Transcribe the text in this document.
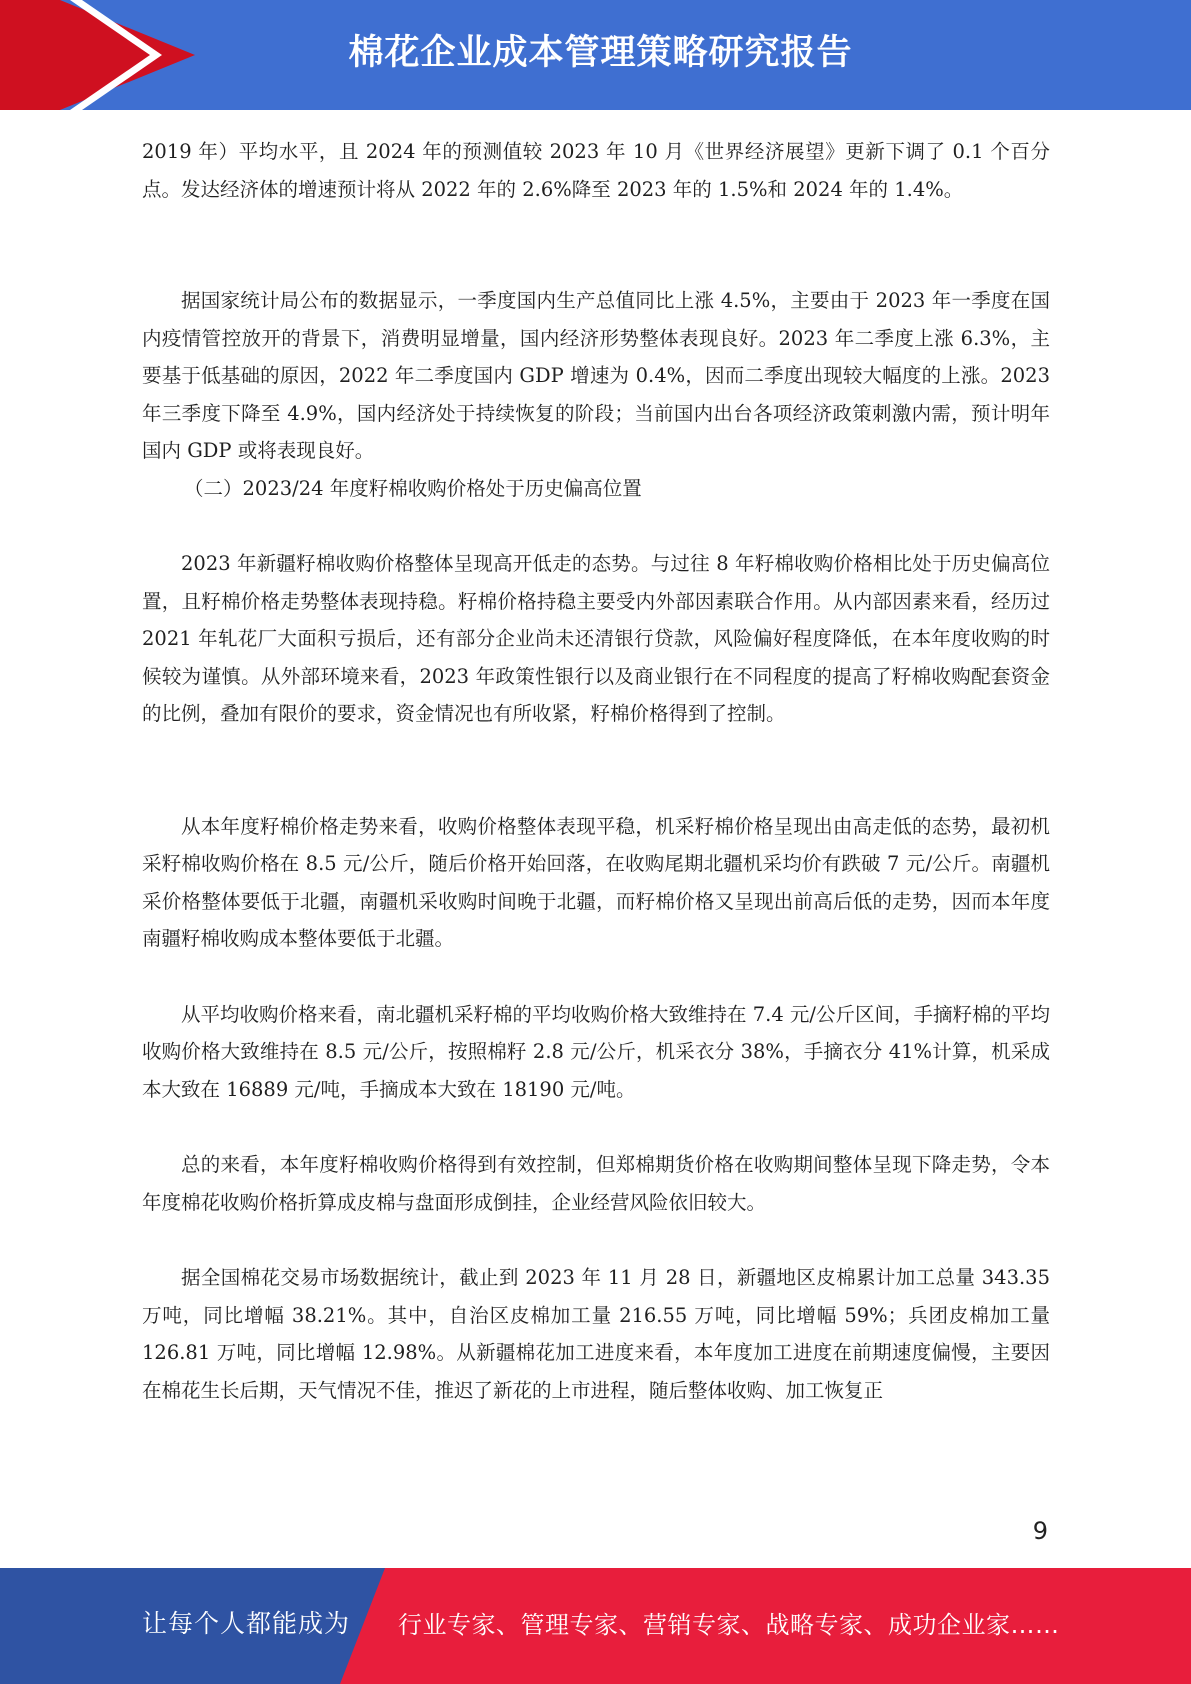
棉花企业成本管理策略研究报告

2019 年）平均水平，且 2024 年的预测值较 2023 年 10 月《世界经济展望》更新下调了 0.1 个百分点。发达经济体的增速预计将从 2022 年的 2.6%降至 2023 年的 1.5%和 2024 年的 1.4%。

据国家统计局公布的数据显示，一季度国内生产总值同比上涨 4.5%，主要由于 2023 年一季度在国内疫情管控放开的背景下，消费明显增量，国内经济形势整体表现良好。2023 年二季度上涨 6.3%，主要基于低基础的原因，2022 年二季度国内 GDP 增速为 0.4%，因而二季度出现较大幅度的上涨。2023 年三季度下降至 4.9%，国内经济处于持续恢复的阶段；当前国内出台各项经济政策刺激内需，预计明年国内 GDP 或将表现良好。

（二）2023/24 年度籽棉收购价格处于历史偏高位置

2023 年新疆籽棉收购价格整体呈现高开低走的态势。与过往 8 年籽棉收购价格相比处于历史偏高位置，且籽棉价格走势整体表现持稳。籽棉价格持稳主要受内外部因素联合作用。从内部因素来看，经历过 2021 年轧花厂大面积亏损后，还有部分企业尚未还清银行贷款，风险偏好程度降低，在本年度收购的时候较为谨慎。从外部环境来看，2023 年政策性银行以及商业银行在不同程度的提高了籽棉收购配套资金的比例，叠加有限价的要求，资金情况也有所收紧，籽棉价格得到了控制。

从本年度籽棉价格走势来看，收购价格整体表现平稳，机采籽棉价格呈现出由高走低的态势，最初机采籽棉收购价格在 8.5 元/公斤，随后价格开始回落，在收购尾期北疆机采均价有跌破 7 元/公斤。南疆机采价格整体要低于北疆，南疆机采收购时间晚于北疆，而籽棉价格又呈现出前高后低的走势，因而本年度南疆籽棉收购成本整体要低于北疆。

从平均收购价格来看，南北疆机采籽棉的平均收购价格大致维持在 7.4 元/公斤区间，手摘籽棉的平均收购价格大致维持在 8.5 元/公斤，按照棉籽 2.8 元/公斤，机采衣分 38%，手摘衣分 41%计算，机采成本大致在 16889 元/吨，手摘成本大致在 18190 元/吨。

总的来看，本年度籽棉收购价格得到有效控制，但郑棉期货价格在收购期间整体呈现下降走势，令本年度棉花收购价格折算成皮棉与盘面形成倒挂，企业经营风险依旧较大。

据全国棉花交易市场数据统计，截止到 2023 年 11 月 28 日，新疆地区皮棉累计加工总量 343.35 万吨，同比增幅 38.21%。其中，自治区皮棉加工量 216.55 万吨，同比增幅 59%；兵团皮棉加工量 126.81 万吨，同比增幅 12.98%。从新疆棉花加工进度来看，本年度加工进度在前期速度偏慢，主要因在棉花生长后期，天气情况不佳，推迟了新花的上市进程，随后整体收购、加工恢复正

9
让每个人都能成为 行业专家、管理专家、营销专家、战略专家、成功企业家……
